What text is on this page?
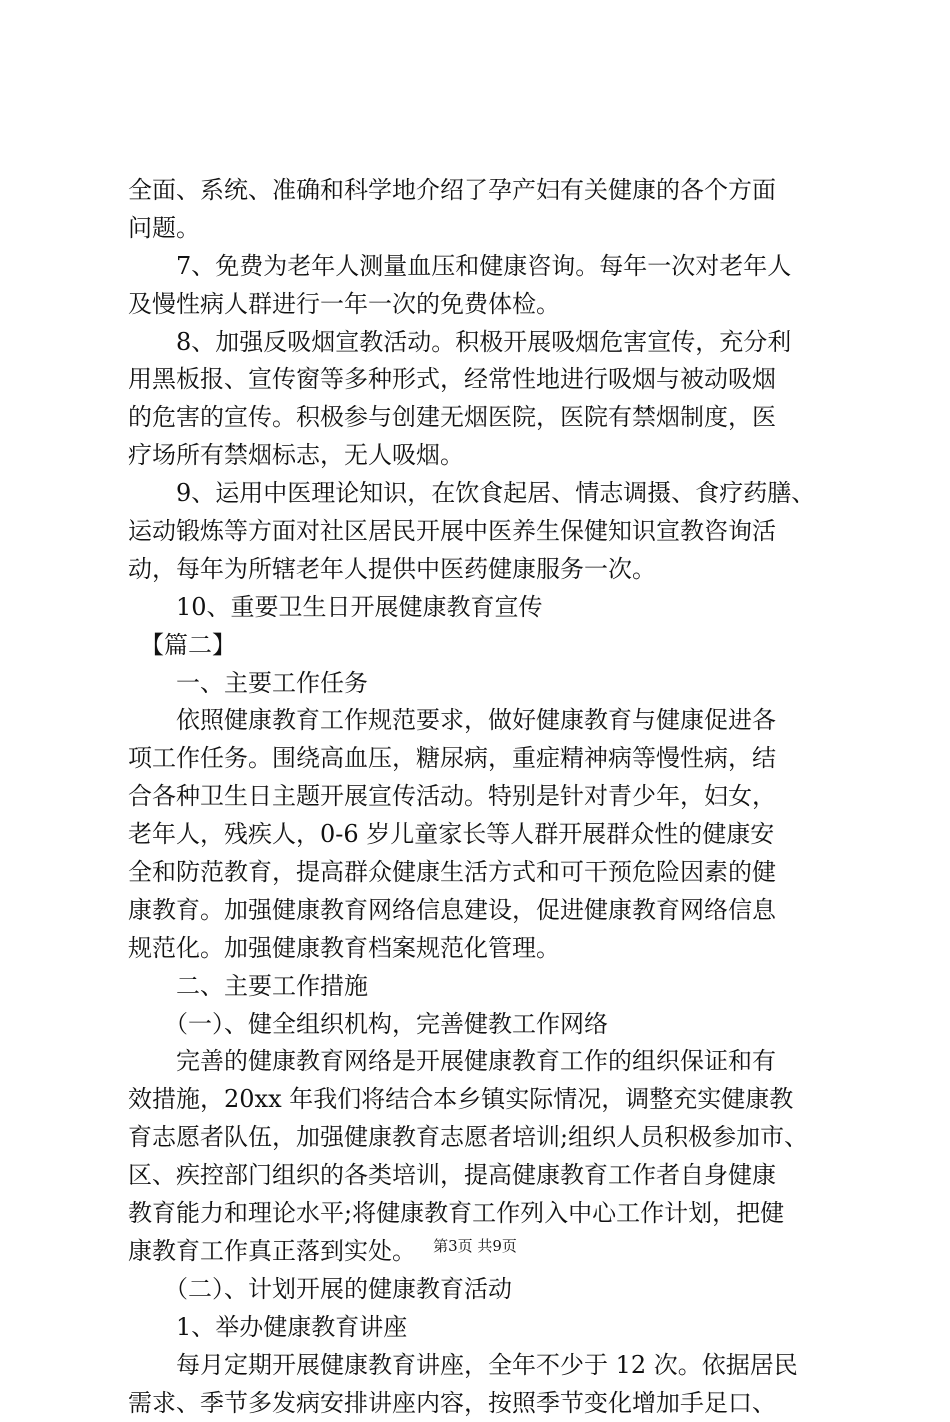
全面、系统、准确和科学地介绍了孕产妇有关健康的各个方面
问题。
　　7、免费为老年人测量血压和健康咨询。每年一次对老年人
及慢性病人群进行一年一次的免费体检。
　　8、加强反吸烟宣教活动。积极开展吸烟危害宣传，充分利
用黑板报、宣传窗等多种形式，经常性地进行吸烟与被动吸烟
的危害的宣传。积极参与创建无烟医院，医院有禁烟制度，医
疗场所有禁烟标志，无人吸烟。
　　9、运用中医理论知识，在饮食起居、情志调摄、食疗药膳、
运动锻炼等方面对社区居民开展中医养生保健知识宣教咨询活
动，每年为所辖老年人提供中医药健康服务一次。
　　10、重要卫生日开展健康教育宣传
　【篇二】
　　一、主要工作任务
　　依照健康教育工作规范要求，做好健康教育与健康促进各
项工作任务。围绕高血压，糖尿病，重症精神病等慢性病，结
合各种卫生日主题开展宣传活动。特别是针对青少年，妇女，
老年人，残疾人，0-6 岁儿童家长等人群开展群众性的健康安
全和防范教育，提高群众健康生活方式和可干预危险因素的健
康教育。加强健康教育网络信息建设，促进健康教育网络信息
规范化。加强健康教育档案规范化管理。
　　二、主要工作措施
　　（一）、健全组织机构，完善健教工作网络
　　完善的健康教育网络是开展健康教育工作的组织保证和有
效措施，20xx 年我们将结合本乡镇实际情况，调整充实健康教
育志愿者队伍，加强健康教育志愿者培训;组织人员积极参加市、
区、疾控部门组织的各类培训，提高健康教育工作者自身健康
教育能力和理论水平;将健康教育工作列入中心工作计划，把健
康教育工作真正落到实处。
　　（二）、计划开展的健康教育活动
　　1、举办健康教育讲座
　　每月定期开展健康教育讲座，全年不少于 12 次。依据居民
需求、季节多发病安排讲座内容，按照季节变化增加手足口、
第3页 共9页
